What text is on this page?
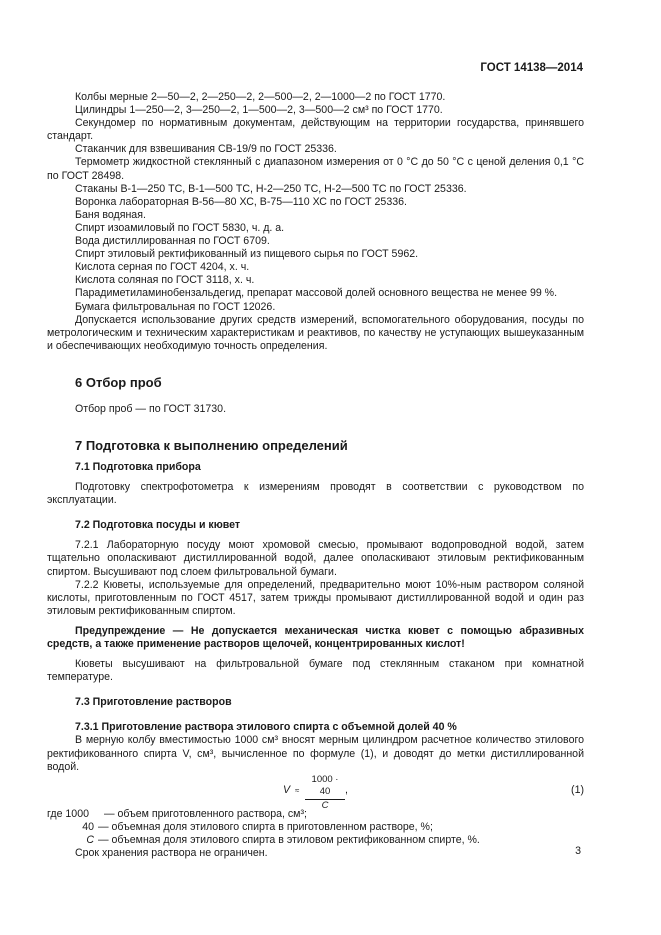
ГОСТ 14138—2014

Колбы мерные 2—50—2, 2—250—2, 2—500—2, 2—1000—2 по ГОСТ 1770.

Цилиндры 1—250—2, 3—250—2, 1—500—2, 3—500—2 см³ по ГОСТ 1770.

Секундомер по нормативным документам, действующим на территории государства, принявшего стандарт.

Стаканчик для взвешивания СВ-19/9 по ГОСТ 25336.

Термометр жидкостной стеклянный с диапазоном измерения от 0 °С до 50 °С с ценой деления 0,1 °С по ГОСТ 28498.

Стаканы В-1—250 ТС, В-1—500 ТС, Н-2—250 ТС, Н-2—500 ТС по ГОСТ 25336.

Воронка лабораторная В-56—80 ХС, В-75—110 ХС по ГОСТ 25336.

Баня водяная.

Спирт изоамиловый по ГОСТ 5830, ч. д. а.

Вода дистиллированная по ГОСТ 6709.

Спирт этиловый ректификованный из пищевого сырья по ГОСТ 5962.

Кислота серная по ГОСТ 4204, х. ч.

Кислота соляная по ГОСТ 3118, х. ч.

Парадиметиламинобензальдегид, препарат массовой долей основного вещества не менее 99 %.

Бумага фильтровальная по ГОСТ 12026.

Допускается использование других средств измерений, вспомогательного оборудования, посуды по метрологическим и техническим характеристикам и реактивов, по качеству не уступающих вышеуказанным и обеспечивающих необходимую точность определения.

6 Отбор проб

Отбор проб — по ГОСТ 31730.

7 Подготовка к выполнению определений

7.1 Подготовка прибора

Подготовку спектрофотометра к измерениям проводят в соответствии с руководством по эксплуатации.

7.2 Подготовка посуды и кювет

7.2.1 Лабораторную посуду моют хромовой смесью, промывают водопроводной водой, затем тщательно ополаскивают дистиллированной водой, далее ополаскивают этиловым ректификованным спиртом. Высушивают под слоем фильтровальной бумаги.

7.2.2 Кюветы, используемые для определений, предварительно моют 10%-ным раствором соляной кислоты, приготовленным по ГОСТ 4517, затем трижды промывают дистиллированной водой и один раз этиловым ректификованным спиртом.

Предупреждение — Не допускается механическая чистка кювет с помощью абразивных средств, а также применение растворов щелочей, концентрированных кислот!

Кюветы высушивают на фильтровальной бумаге под стеклянным стаканом при комнатной температуре.

7.3 Приготовление растворов

7.3.1 Приготовление раствора этилового спирта с объемной долей 40 %

В мерную колбу вместимостью 1000 см³ вносят мерным цилиндром расчетное количество этилового ректификованного спирта V, см³, вычисленное по формуле (1), и доводят до метки дистиллированной водой.

$V \approx \frac{1000 \cdot 40}{C}$ ,	(1)
где 1000 — объем приготовленного раствора, см³;
40 — объемная доля этилового спирта в приготовленном растворе, %;
C — объемная доля этилового спирта в этиловом ректификованном спирте, %.

Срок хранения раствора не ограничен.	3
